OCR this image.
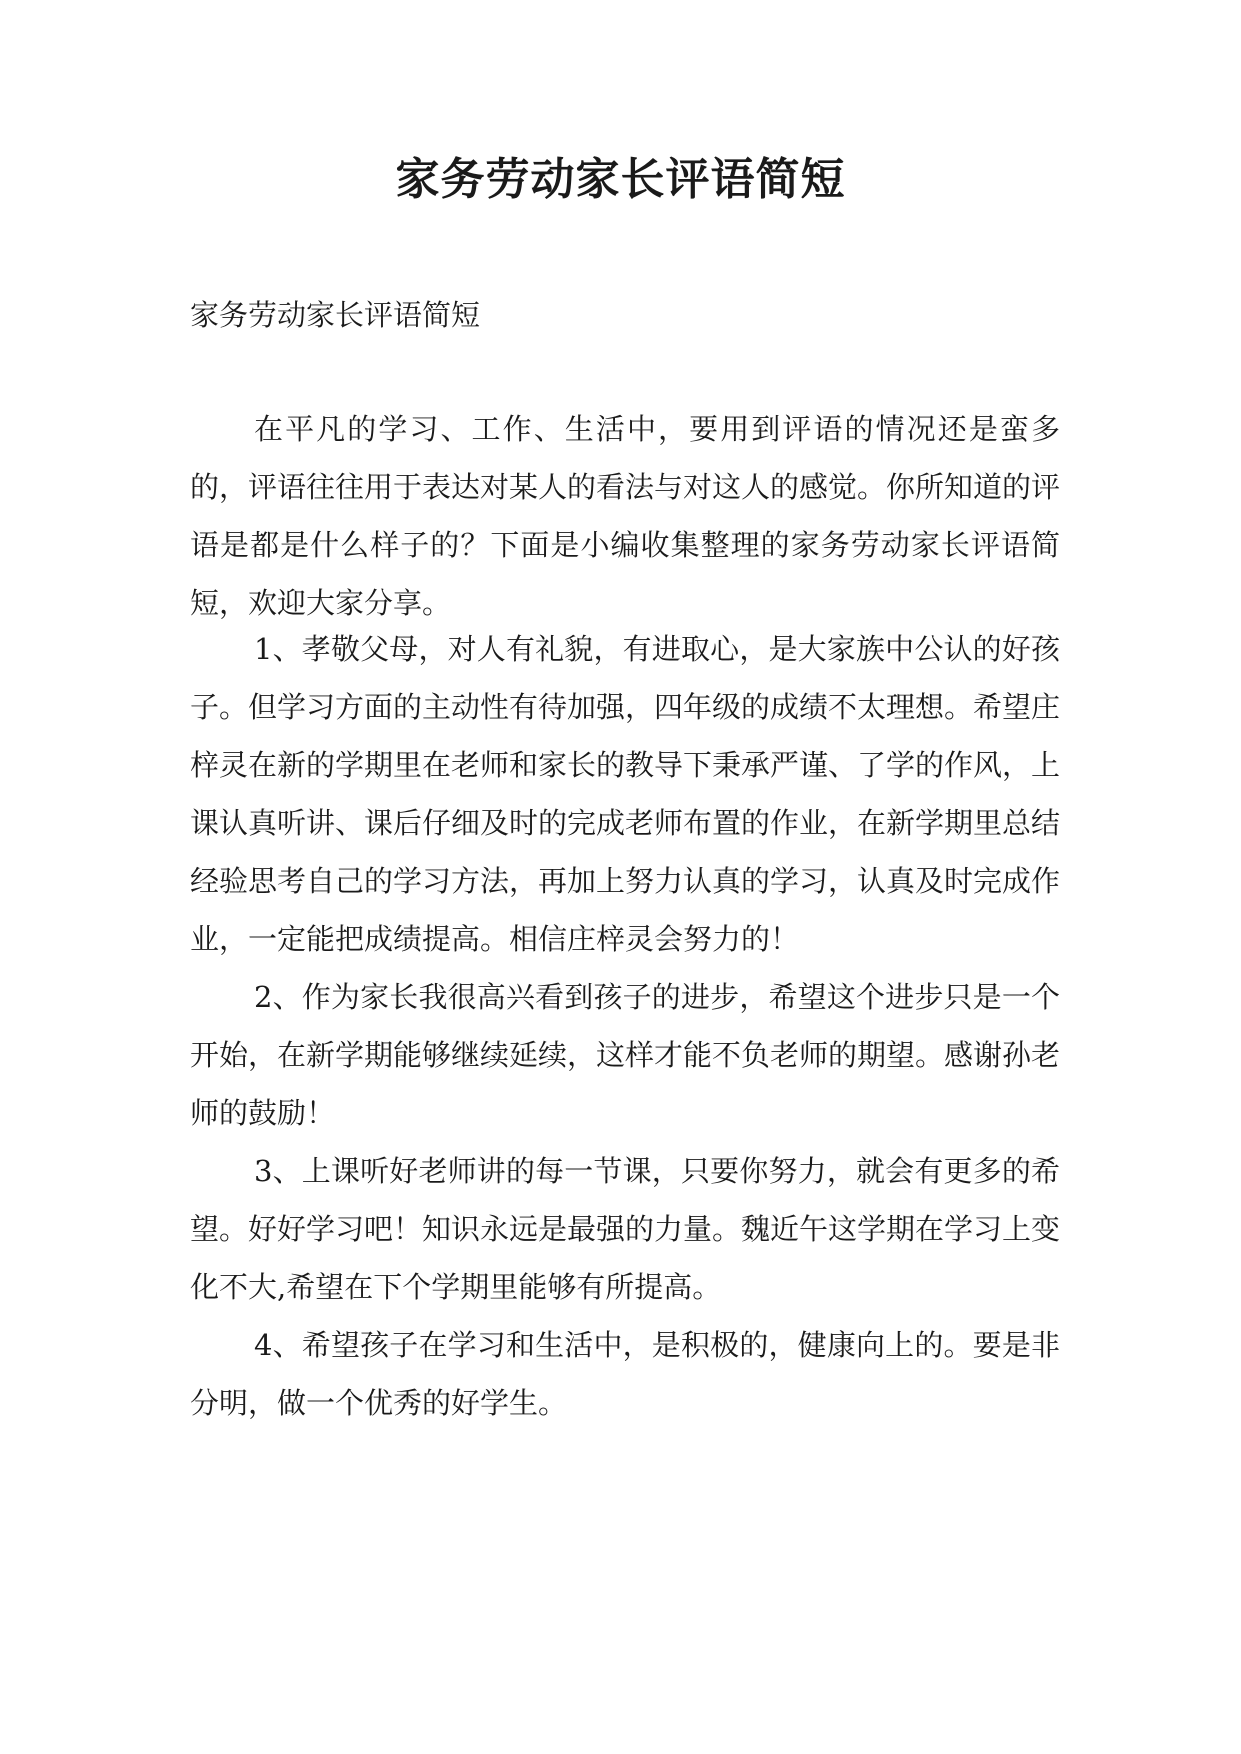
家务劳动家长评语简短
家务劳动家长评语简短

在平凡的学习、工作、生活中，要用到评语的情况还是蛮多的，评语往往用于表达对某人的看法与对这人的感觉。你所知道的评语是都是什么样子的？下面是小编收集整理的家务劳动家长评语简短，欢迎大家分享。

1、孝敬父母，对人有礼貌，有进取心，是大家族中公认的好孩子。但学习方面的主动性有待加强，四年级的成绩不太理想。希望庄梓灵在新的学期里在老师和家长的教导下秉承严谨、了学的作风，上课认真听讲、课后仔细及时的完成老师布置的作业，在新学期里总结经验思考自己的学习方法，再加上努力认真的学习，认真及时完成作业，一定能把成绩提高。相信庄梓灵会努力的！

2、作为家长我很高兴看到孩子的进步，希望这个进步只是一个开始，在新学期能够继续延续，这样才能不负老师的期望。感谢孙老师的鼓励！

3、上课听好老师讲的每一节课，只要你努力，就会有更多的希望。好好学习吧！知识永远是最强的力量。魏近午这学期在学习上变化不大,希望在下个学期里能够有所提高。

4、希望孩子在学习和生活中，是积极的，健康向上的。要是非分明，做一个优秀的好学生。
